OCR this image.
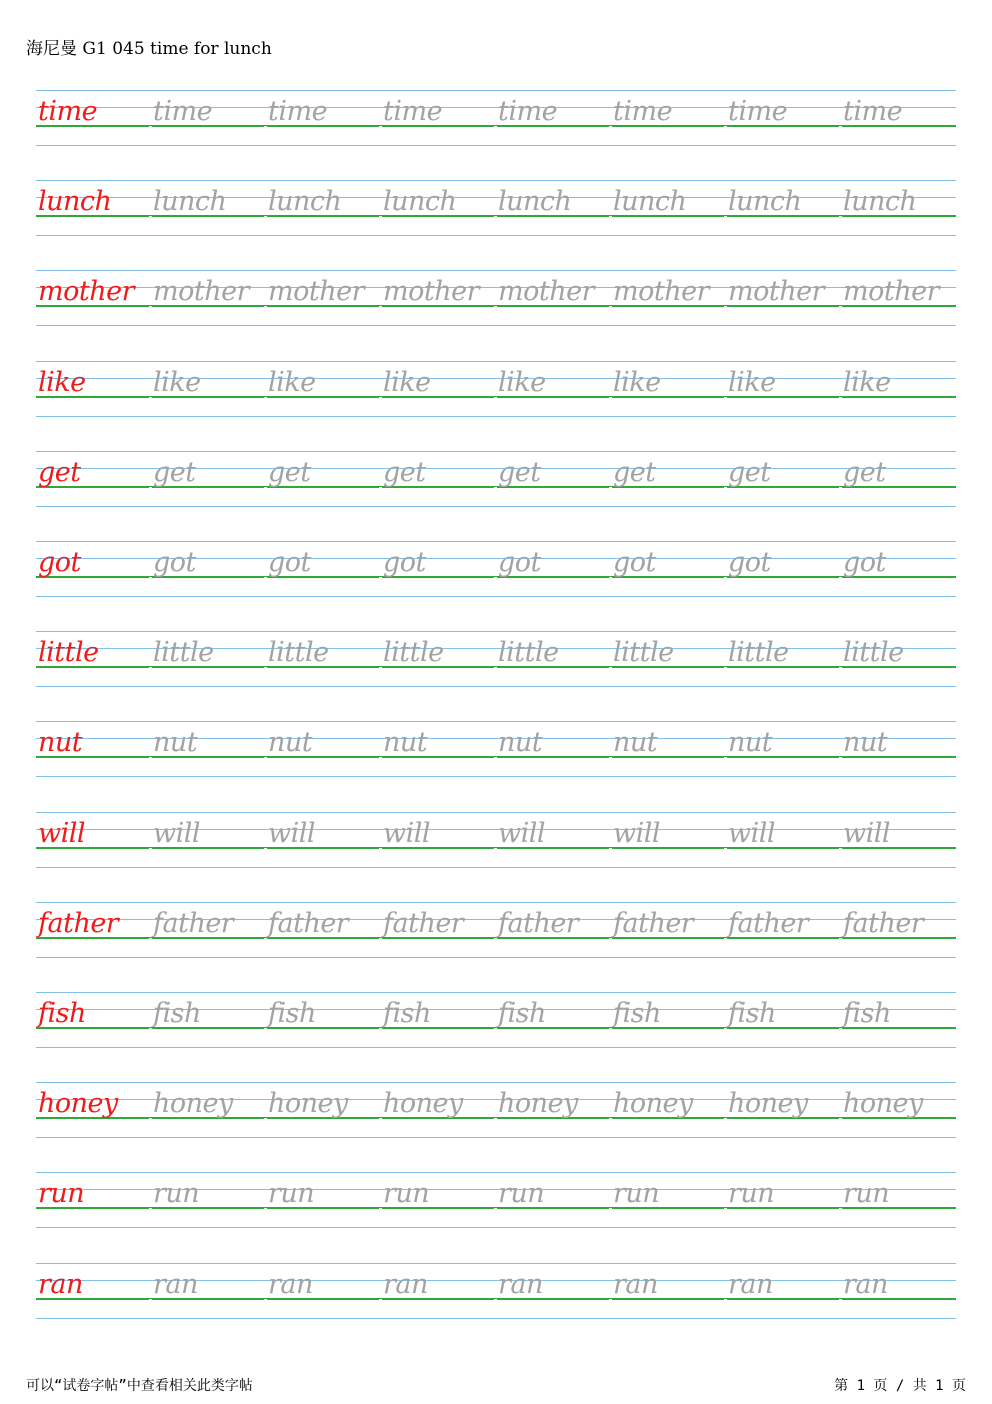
海尼曼 G1 045 time for lunch
time time time time time time time time
lunch lunch lunch lunch lunch lunch lunch lunch
mother mother mother mother mother mother mother mother
like like like like like like like like
get	get	get	get	get	get	get	get
got	got	got	got	got	got	got	got
little little little little little little little little
nut	nut	nut	nut	nut	nut	nut	nut
will	will	will	will	will	will	will	will
father father father father father father father father
fish fish fish fish fish fish fish fish
honey honey honey honey honey honey honey honey
run	run	run	run	run	run	run	run
ran	ran	ran	ran	ran	ran	ran	ran
可以“试卷字帖”中查看相关此类字帖	第 1 页 / 共 1 页
